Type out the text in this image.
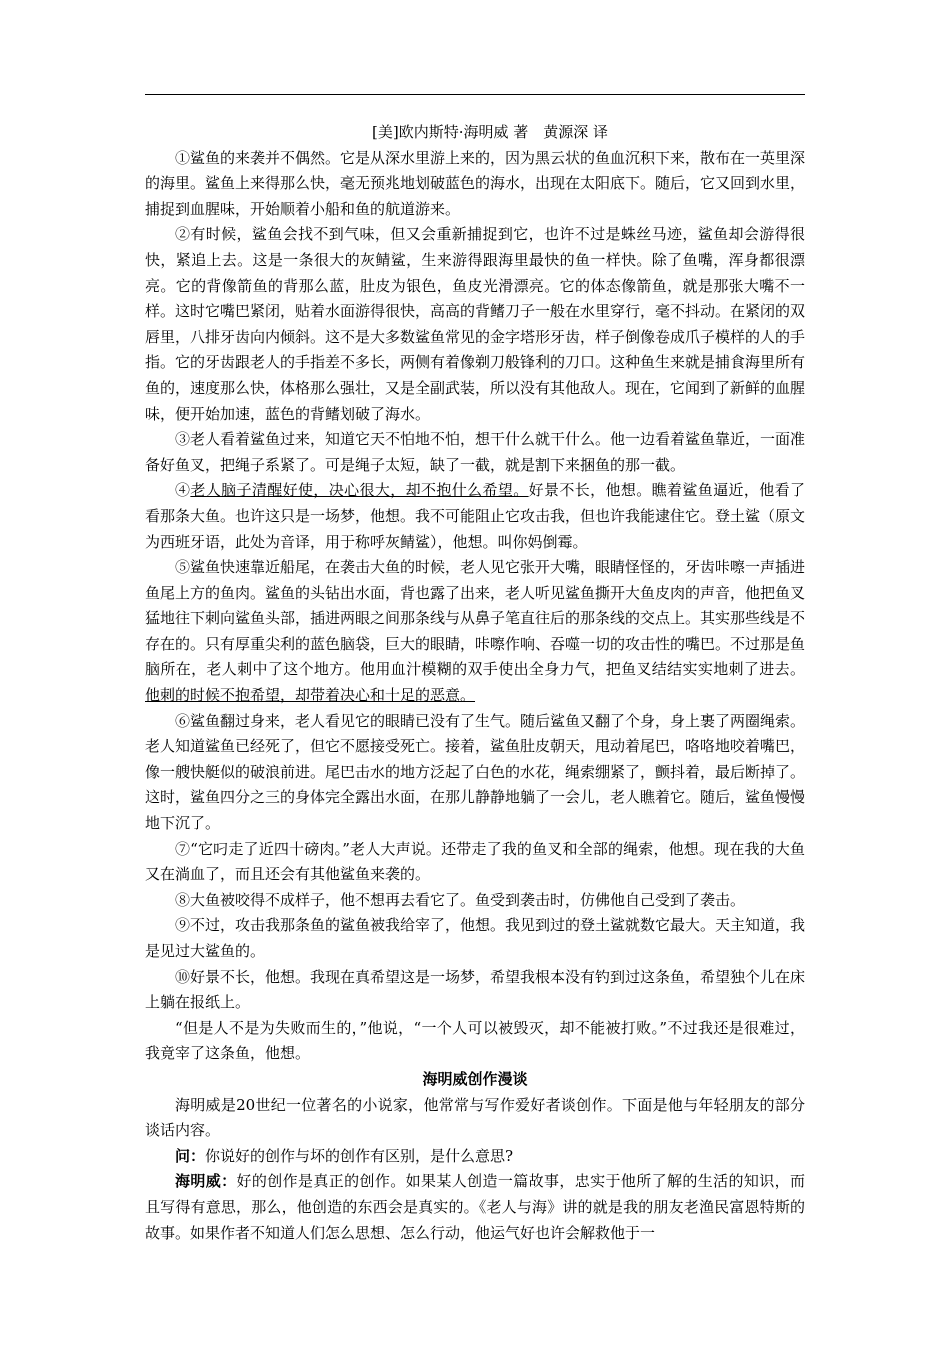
[美]欧内斯特·海明威 著　黄源深 译

①鲨鱼的来袭并不偶然。它是从深水里游上来的，因为黑云状的鱼血沉积下来，散布在一英里深的海里。鲨鱼上来得那么快，毫无预兆地划破蓝色的海水，出现在太阳底下。随后，它又回到水里，捕捉到血腥味，开始顺着小船和鱼的航道游来。

②有时候，鲨鱼会找不到气味，但又会重新捕捉到它，也许不过是蛛丝马迹，鲨鱼却会游得很快，紧追上去。这是一条很大的灰鲭鲨，生来游得跟海里最快的鱼一样快。除了鱼嘴，浑身都很漂亮。它的背像箭鱼的背那么蓝，肚皮为银色，鱼皮光滑漂亮。它的体态像箭鱼，就是那张大嘴不一样。这时它嘴巴紧闭，贴着水面游得很快，高高的背鳍刀子一般在水里穿行，毫不抖动。在紧闭的双唇里，八排牙齿向内倾斜。这不是大多数鲨鱼常见的金字塔形牙齿，样子倒像卷成爪子模样的人的手指。它的牙齿跟老人的手指差不多长，两侧有着像剃刀般锋利的刀口。这种鱼生来就是捕食海里所有鱼的，速度那么快，体格那么强壮，又是全副武装，所以没有其他敌人。现在，它闻到了新鲜的血腥味，便开始加速，蓝色的背鳍划破了海水。

③老人看着鲨鱼过来，知道它天不怕地不怕，想干什么就干什么。他一边看着鲨鱼靠近，一面准备好鱼叉，把绳子系紧了。可是绳子太短，缺了一截，就是割下来捆鱼的那一截。

④老人脑子清醒好使，决心很大，却不抱什么希望。好景不长，他想。瞧着鲨鱼逼近，他看了看那条大鱼。也许这只是一场梦，他想。我不可能阻止它攻击我，但也许我能逮住它。登土鲨（原文为西班牙语，此处为音译，用于称呼灰鲭鲨），他想。叫你妈倒霉。

⑤鲨鱼快速靠近船尾，在袭击大鱼的时候，老人见它张开大嘴，眼睛怪怪的，牙齿咔嚓一声插进鱼尾上方的鱼肉。鲨鱼的头钻出水面，背也露了出来，老人听见鲨鱼撕开大鱼皮肉的声音，他把鱼叉猛地往下刺向鲨鱼头部，插进两眼之间那条线与从鼻子笔直往后的那条线的交点上。其实那些线是不存在的。只有厚重尖利的蓝色脑袋，巨大的眼睛，咔嚓作响、吞噬一切的攻击性的嘴巴。不过那是鱼脑所在，老人刺中了这个地方。他用血汁模糊的双手使出全身力气，把鱼叉结结实实地刺了进去。他刺的时候不抱希望，却带着决心和十足的恶意。

⑥鲨鱼翻过身来，老人看见它的眼睛已没有了生气。随后鲨鱼又翻了个身，身上裹了两圈绳索。老人知道鲨鱼已经死了，但它不愿接受死亡。接着，鲨鱼肚皮朝天，甩动着尾巴，咯咯地咬着嘴巴，像一艘快艇似的破浪前进。尾巴击水的地方泛起了白色的水花，绳索绷紧了，颤抖着，最后断掉了。这时，鲨鱼四分之三的身体完全露出水面，在那儿静静地躺了一会儿，老人瞧着它。随后，鲨鱼慢慢地下沉了。

⑦“它叼走了近四十磅肉。”老人大声说。还带走了我的鱼叉和全部的绳索，他想。现在我的大鱼又在淌血了，而且还会有其他鲨鱼来袭的。

⑧大鱼被咬得不成样子，他不想再去看它了。鱼受到袭击时，仿佛他自己受到了袭击。

⑨不过，攻击我那条鱼的鲨鱼被我给宰了，他想。我见到过的登土鲨就数它最大。天主知道，我是见过大鲨鱼的。

⑩好景不长，他想。我现在真希望这是一场梦，希望我根本没有钓到过这条鱼，希望独个儿在床上躺在报纸上。

“但是人不是为失败而生的，”他说，“一个人可以被毁灭，却不能被打败。”不过我还是很难过，我竟宰了这条鱼，他想。

海明威创作漫谈

海明威是20世纪一位著名的小说家，他常常与写作爱好者谈创作。下面是他与年轻朋友的部分谈话内容。

问：你说好的创作与坏的创作有区别，是什么意思?

海明威：好的创作是真正的创作。如果某人创造一篇故事，忠实于他所了解的生活的知识，而且写得有意思，那么，他创造的东西会是真实的。《老人与海》讲的就是我的朋友老渔民富恩特斯的故事。如果作者不知道人们怎么思想、怎么行动，他运气好也许会解救他于一
